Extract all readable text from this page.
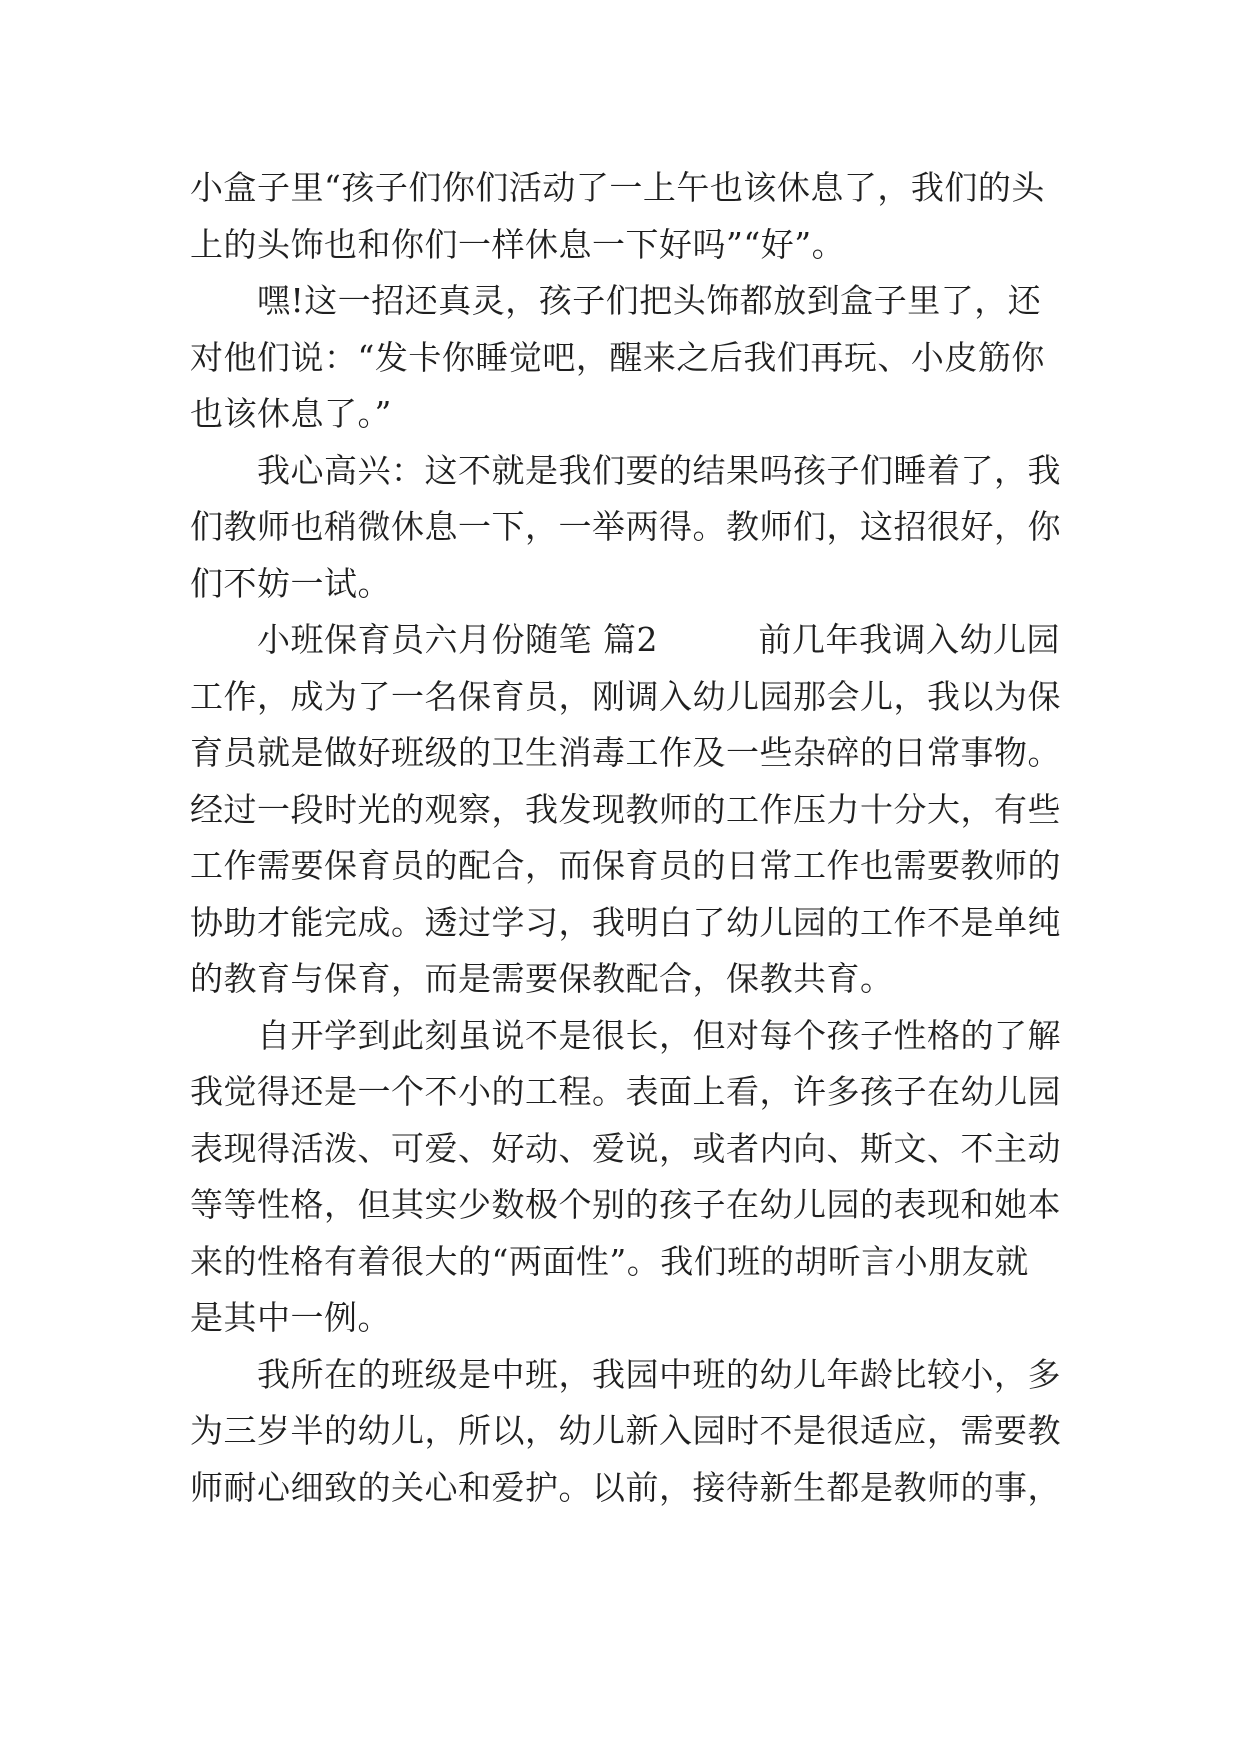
小盒子里“孩子们你们活动了一上午也该休息了，我们的头
上的头饰也和你们一样休息一下好吗”“好”。
　　嘿!这一招还真灵，孩子们把头饰都放到盒子里了，还
对他们说：“发卡你睡觉吧，醒来之后我们再玩、小皮筋你
也该休息了。”
　　我心高兴：这不就是我们要的结果吗孩子们睡着了，我
们教师也稍微休息一下，一举两得。教师们，这招很好，你
们不妨一试。
　　小班保育员六月份随笔 篇2　　　前几年我调入幼儿园
工作，成为了一名保育员，刚调入幼儿园那会儿，我以为保
育员就是做好班级的卫生消毒工作及一些杂碎的日常事物。
经过一段时光的观察，我发现教师的工作压力十分大，有些
工作需要保育员的配合，而保育员的日常工作也需要教师的
协助才能完成。透过学习，我明白了幼儿园的工作不是单纯
的教育与保育，而是需要保教配合，保教共育。
　　自开学到此刻虽说不是很长，但对每个孩子性格的了解
我觉得还是一个不小的工程。表面上看，许多孩子在幼儿园
表现得活泼、可爱、好动、爱说，或者内向、斯文、不主动
等等性格，但其实少数极个别的孩子在幼儿园的表现和她本
来的性格有着很大的“两面性”。我们班的胡昕言小朋友就
是其中一例。
　　我所在的班级是中班，我园中班的幼儿年龄比较小，多
为三岁半的幼儿，所以，幼儿新入园时不是很适应，需要教
师耐心细致的关心和爱护。以前，接待新生都是教师的事，
